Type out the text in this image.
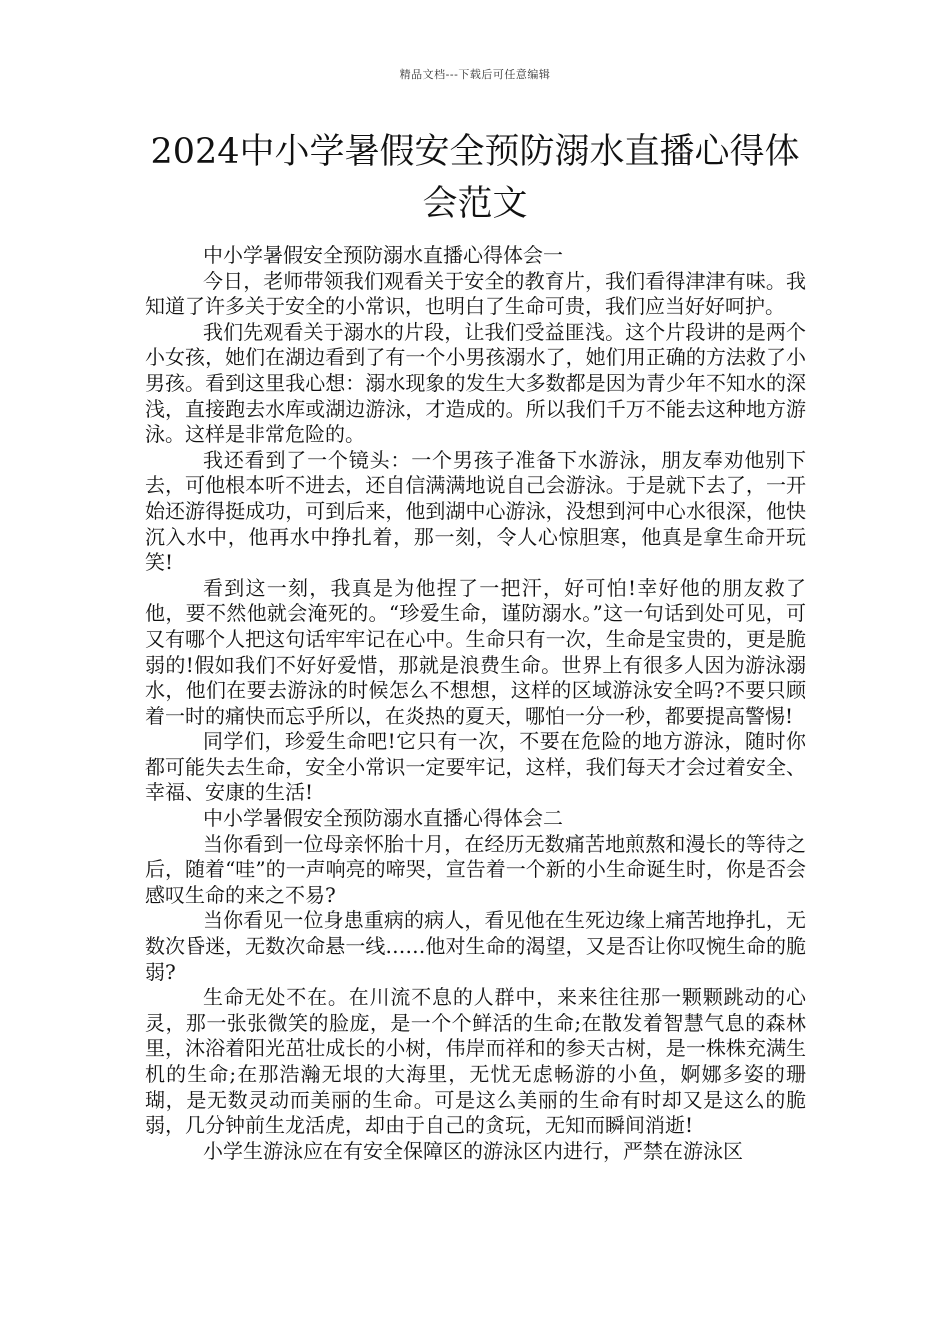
精品文档---下载后可任意编辑
2024中小学暑假安全预防溺水直播心得体会范文

中小学暑假安全预防溺水直播心得体会一

今日，老师带领我们观看关于安全的教育片，我们看得津津有味。我知道了许多关于安全的小常识，也明白了生命可贵，我们应当好好呵护。

我们先观看关于溺水的片段，让我们受益匪浅。这个片段讲的是两个小女孩，她们在湖边看到了有一个小男孩溺水了，她们用正确的方法救了小男孩。看到这里我心想：溺水现象的发生大多数都是因为青少年不知水的深浅，直接跑去水库或湖边游泳，才造成的。所以我们千万不能去这种地方游泳。这样是非常危险的。

我还看到了一个镜头：一个男孩子准备下水游泳，朋友奉劝他别下去，可他根本听不进去，还自信满满地说自己会游泳。于是就下去了，一开始还游得挺成功，可到后来，他到湖中心游泳，没想到河中心水很深，他快沉入水中，他再水中挣扎着，那一刻，令人心惊胆寒，他真是拿生命开玩笑!

看到这一刻，我真是为他捏了一把汗，好可怕!幸好他的朋友救了他，要不然他就会淹死的。“珍爱生命，谨防溺水。”这一句话到处可见，可又有哪个人把这句话牢牢记在心中。生命只有一次，生命是宝贵的，更是脆弱的!假如我们不好好爱惜，那就是浪费生命。世界上有很多人因为游泳溺水，他们在要去游泳的时候怎么不想想，这样的区域游泳安全吗?不要只顾着一时的痛快而忘乎所以，在炎热的夏天，哪怕一分一秒，都要提高警惕!

同学们，珍爱生命吧!它只有一次，不要在危险的地方游泳，随时你都可能失去生命，安全小常识一定要牢记，这样，我们每天才会过着安全、幸福、安康的生活!

中小学暑假安全预防溺水直播心得体会二

当你看到一位母亲怀胎十月，在经历无数痛苦地煎熬和漫长的等待之后，随着“哇”的一声响亮的啼哭，宣告着一个新的小生命诞生时，你是否会感叹生命的来之不易?

当你看见一位身患重病的病人，看见他在生死边缘上痛苦地挣扎，无数次昏迷，无数次命悬一线……他对生命的渴望，又是否让你叹惋生命的脆弱?

生命无处不在。在川流不息的人群中，来来往往那一颗颗跳动的心灵，那一张张微笑的脸庞，是一个个鲜活的生命;在散发着智慧气息的森林里，沐浴着阳光茁壮成长的小树，伟岸而祥和的参天古树，是一株株充满生机的生命;在那浩瀚无垠的大海里，无忧无虑畅游的小鱼，婀娜多姿的珊瑚，是无数灵动而美丽的生命。可是这么美丽的生命有时却又是这么的脆弱，几分钟前生龙活虎，却由于自己的贪玩，无知而瞬间消逝!

小学生游泳应在有安全保障区的游泳区内进行，严禁在游泳区
